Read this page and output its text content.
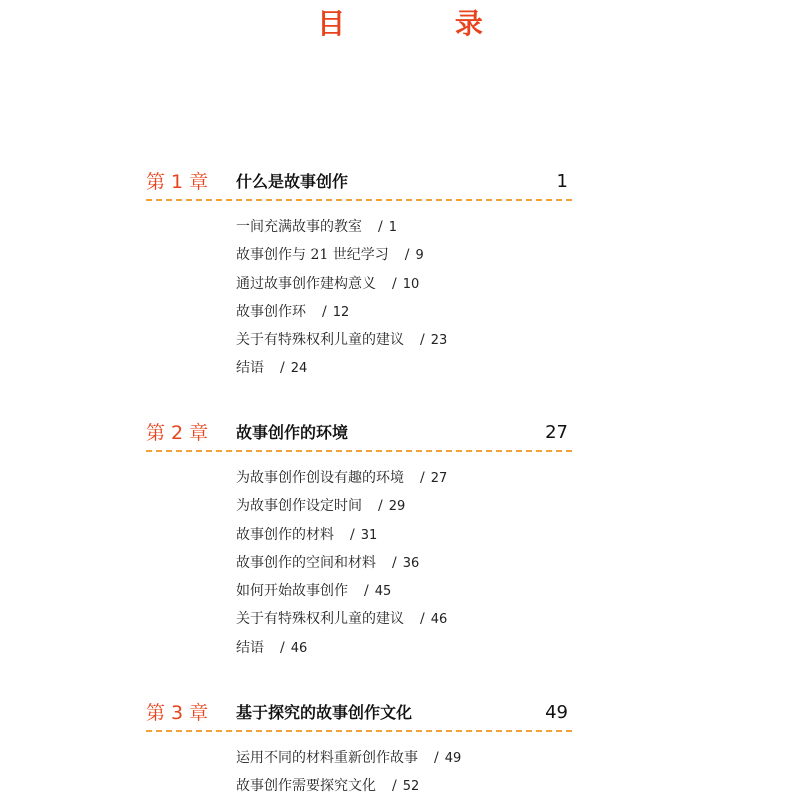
目 录
第 1 章 什么是故事创作	1
一间充满故事的教室 / 1
故事创作与 21 世纪学习 / 9
通过故事创作建构意义 / 10
故事创作环 / 12
关于有特殊权利儿童的建议 / 23
结语 / 24
第 2 章 故事创作的环境	27
为故事创作创设有趣的环境 / 27
为故事创作设定时间 / 29
故事创作的材料 / 31
故事创作的空间和材料 / 36
如何开始故事创作 / 45
关于有特殊权利儿童的建议 / 46
结语 / 46
第 3 章 基于探究的故事创作文化	49
运用不同的材料重新创作故事 / 49
故事创作需要探究文化 / 52
